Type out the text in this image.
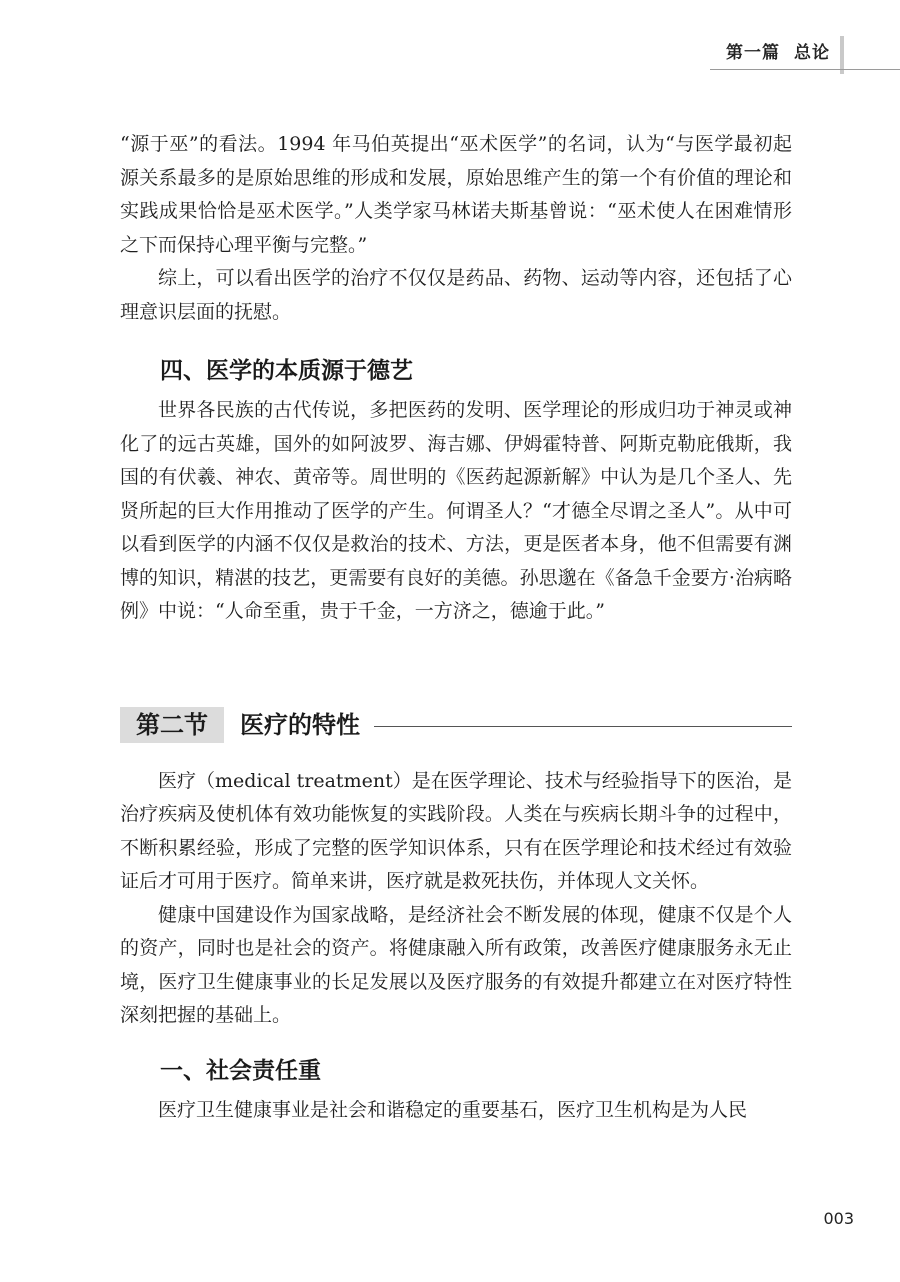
第一篇 总论

“源于巫”的看法。1994 年马伯英提出“巫术医学”的名词，认为“与医学最初起源关系最多的是原始思维的形成和发展，原始思维产生的第一个有价值的理论和实践成果恰恰是巫术医学。”人类学家马林诺夫斯基曾说：“巫术使人在困难情形之下而保持心理平衡与完整。”

综上，可以看出医学的治疗不仅仅是药品、药物、运动等内容，还包括了心理意识层面的抚慰。

四、医学的本质源于德艺

世界各民族的古代传说，多把医药的发明、医学理论的形成归功于神灵或神化了的远古英雄，国外的如阿波罗、海吉娜、伊姆霍特普、阿斯克勒庇俄斯，我国的有伏羲、神农、黄帝等。周世明的《医药起源新解》中认为是几个圣人、先贤所起的巨大作用推动了医学的产生。何谓圣人？“才德全尽谓之圣人”。从中可以看到医学的内涵不仅仅是救治的技术、方法，更是医者本身，他不但需要有渊博的知识，精湛的技艺，更需要有良好的美德。孙思邈在《备急千金要方·治病略例》中说：“人命至重，贵于千金，一方济之，德逾于此。”

第二节	医疗的特性

医疗（medical treatment）是在医学理论、技术与经验指导下的医治，是治疗疾病及使机体有效功能恢复的实践阶段。人类在与疾病长期斗争的过程中，不断积累经验，形成了完整的医学知识体系，只有在医学理论和技术经过有效验证后才可用于医疗。简单来讲，医疗就是救死扶伤，并体现人文关怀。

健康中国建设作为国家战略，是经济社会不断发展的体现，健康不仅是个人的资产，同时也是社会的资产。将健康融入所有政策，改善医疗健康服务永无止境，医疗卫生健康事业的长足发展以及医疗服务的有效提升都建立在对医疗特性深刻把握的基础上。

一、社会责任重

医疗卫生健康事业是社会和谐稳定的重要基石，医疗卫生机构是为人民

003
